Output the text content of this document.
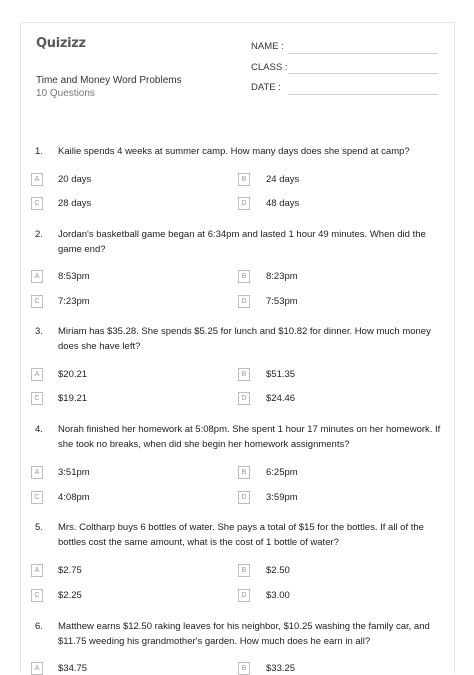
Quizizz
Time and Money Word Problems
10 Questions
NAME :
CLASS :
DATE :
1. Kailie spends 4 weeks at summer camp. How many days does she spend at camp?
A	20 days	B	24 days
C	28 days	D	48 days
2. Jordan's basketball game began at 6:34pm and lasted 1 hour 49 minutes. When did the game end?
A	8:53pm	B	8:23pm
C	7:23pm	D	7:53pm
3. Miriam has $35.28. She spends $5.25 for lunch and $10.82 for dinner. How much money does she have left?
A	$20.21	B	$51.35
C	$19.21	D	$24.46
4. Norah finished her homework at 5:08pm. She spent 1 hour 17 minutes on her homework. If she took no breaks, when did she begin her homework assignments?
A	3:51pm	B	6:25pm
C	4:08pm	D	3:59pm
5. Mrs. Coltharp buys 6 bottles of water. She pays a total of $15 for the bottles. If all of the bottles cost the same amount, what is the cost of 1 bottle of water?
A	$2.75	B	$2.50
C	$2.25	D	$3.00
6. Matthew earns $12.50 raking leaves for his neighbor, $10.25 washing the family car, and $11.75 weeding his grandmother's garden. How much does he earn in all?
A	$34.75	B	$33.25
